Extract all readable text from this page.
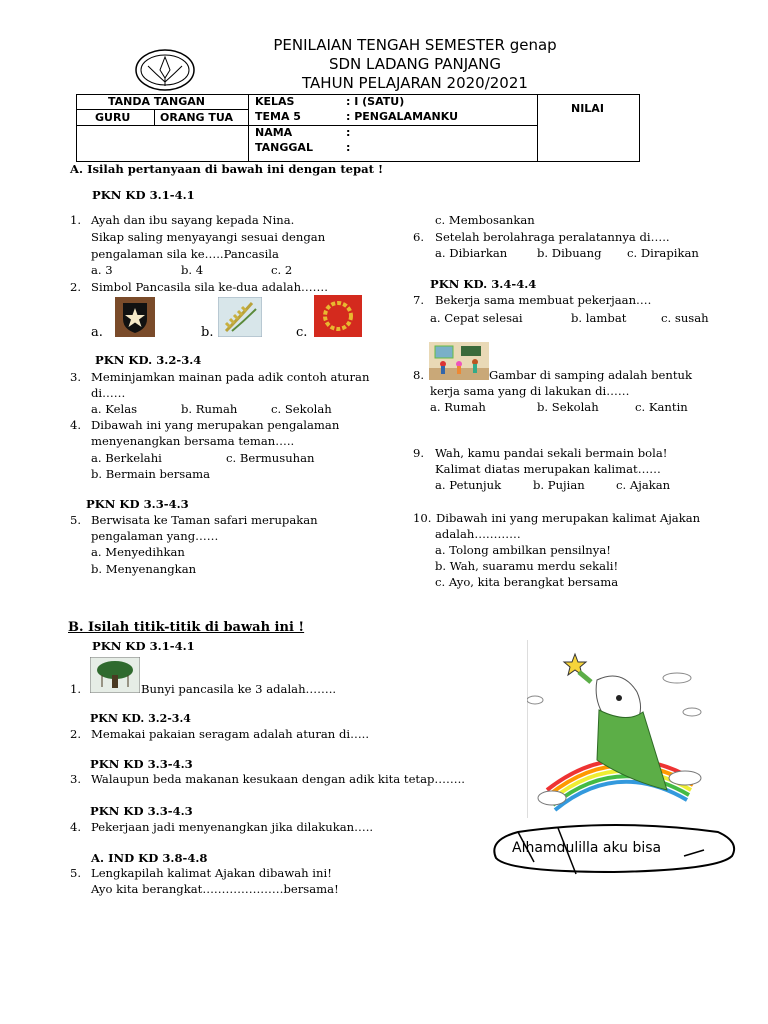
PENILAIAN TENGAH SEMESTER genap
SDN LADANG PANJANG
TAHUN PELAJARAN 2020/2021
TANDA TANGAN
GURU	ORANG TUA
KELAS	: I (SATU)
TEMA 5	: PENGALAMANKU
NAMA	:
TANGGAL	:
NILAI
A. Isilah pertanyaan di bawah ini dengan tepat !
PKN KD 3.1-4.1
1. Ayah dan ibu sayang kepada Nina.
Sikap saling menyayangi sesuai dengan
pengalaman sila ke…..Pancasila
a. 3	b. 4	c. 2
2. Simbol Pancasila sila ke-dua adalah…….
a.	b.	c.
PKN KD. 3.2-3.4
3. Meminjamkan mainan pada adik contoh aturan
di……
a. Kelas	b. Rumah	c. Sekolah
4. Dibawah ini yang merupakan pengalaman
menyenangkan bersama teman…..
a. Berkelahi	c. Bermusuhan
b. Bermain bersama
PKN KD 3.3-4.3
5. Berwisata ke Taman safari merupakan
pengalaman yang……
a. Menyedihkan
b. Menyenangkan
c. Membosankan
6. Setelah berolahraga peralatannya di…..
a. Dibiarkan	b. Dibuang c. Dirapikan
PKN KD. 3.4-4.4
7. Bekerja sama membuat pekerjaan….
a. Cepat selesai	b. lambat	c. susah
8.	Gambar di samping adalah bentuk
kerja sama yang di lakukan di……
a. Rumah	b. Sekolah	c. Kantin
9. Wah, kamu pandai sekali bermain bola!
Kalimat diatas merupakan kalimat……
a. Petunjuk	b. Pujian	c. Ajakan
10. Dibawah ini yang merupakan kalimat Ajakan
adalah…………
a. Tolong ambilkan pensilnya!
b. Wah, suaramu merdu sekali!
c. Ayo, kita berangkat bersama
B. Isilah titik-titik di bawah ini !
PKN KD 3.1-4.1
1.	Bunyi pancasila ke 3 adalah……..
PKN KD. 3.2-3.4
2. Memakai pakaian seragam adalah aturan di…..
PKN KD 3.3-4.3
3. Walaupun beda makanan kesukaan dengan adik kita tetap……..
PKN KD 3.3-4.3
4. Pekerjaan jadi menyenangkan jika dilakukan…..
A. IND KD 3.8-4.8
5. Lengkapilah kalimat Ajakan dibawah ini!
Ayo kita berangkat…………………bersama!
Alhamdulilla aku bisa
